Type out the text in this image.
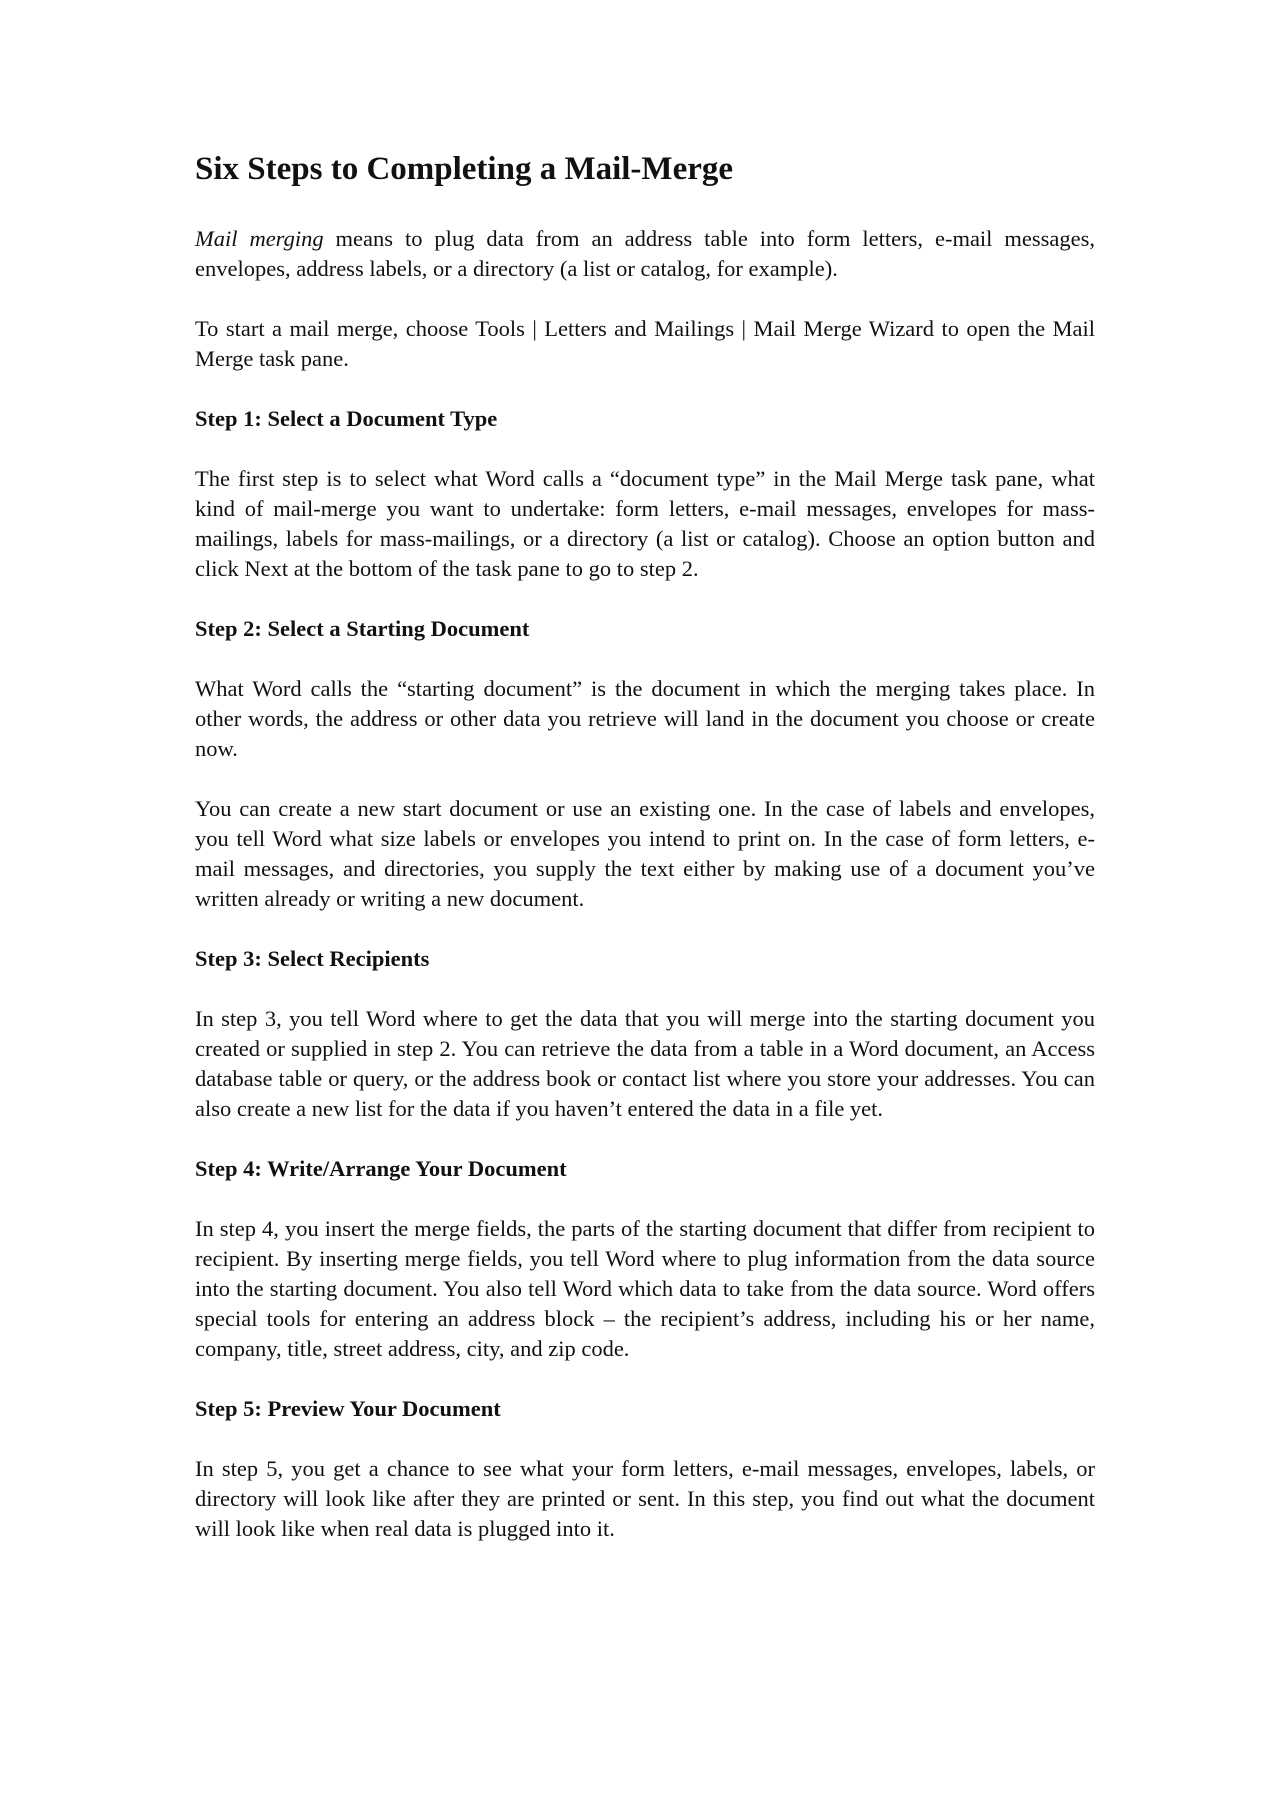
Six Steps to Completing a Mail-Merge

Mail merging means to plug data from an address table into form letters, e-mail messages, envelopes, address labels, or a directory (a list or catalog, for example).

To start a mail merge, choose Tools | Letters and Mailings | Mail Merge Wizard to open the Mail Merge task pane.

Step 1: Select a Document Type

The first step is to select what Word calls a “document type” in the Mail Merge task pane, what kind of mail-merge you want to undertake: form letters, e-mail messages, envelopes for mass-mailings, labels for mass-mailings, or a directory (a list or catalog). Choose an option button and click Next at the bottom of the task pane to go to step 2.

Step 2: Select a Starting Document

What Word calls the “starting document” is the document in which the merging takes place. In other words, the address or other data you retrieve will land in the document you choose or create now.

You can create a new start document or use an existing one. In the case of labels and envelopes, you tell Word what size labels or envelopes you intend to print on. In the case of form letters, e-mail messages, and directories, you supply the text either by making use of a document you’ve written already or writing a new document.

Step 3: Select Recipients

In step 3, you tell Word where to get the data that you will merge into the starting document you created or supplied in step 2. You can retrieve the data from a table in a Word document, an Access database table or query, or the address book or contact list where you store your addresses. You can also create a new list for the data if you haven’t entered the data in a file yet.

Step 4: Write/Arrange Your Document

In step 4, you insert the merge fields, the parts of the starting document that differ from recipient to recipient. By inserting merge fields, you tell Word where to plug information from the data source into the starting document. You also tell Word which data to take from the data source. Word offers special tools for entering an address block – the recipient’s address, including his or her name, company, title, street address, city, and zip code.

Step 5: Preview Your Document

In step 5, you get a chance to see what your form letters, e-mail messages, envelopes, labels, or directory will look like after they are printed or sent. In this step, you find out what the document will look like when real data is plugged into it.
